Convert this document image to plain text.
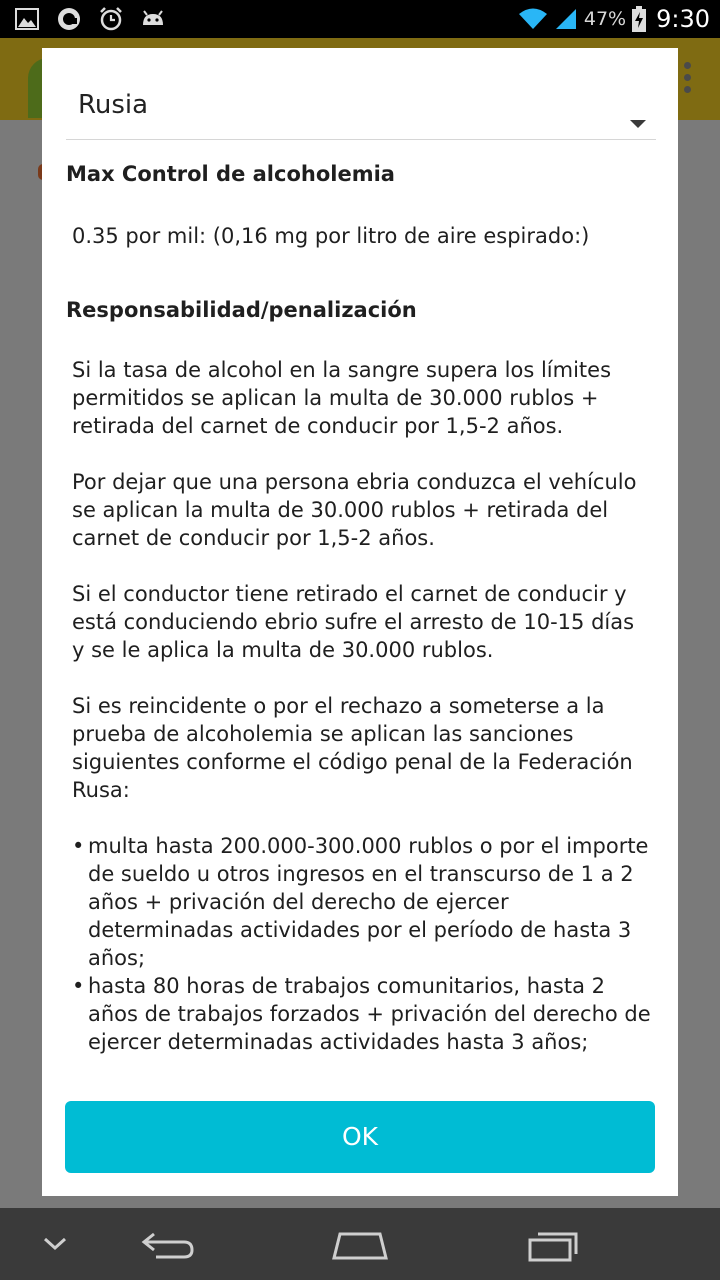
47% 9:30
Rusia
Max Control de alcoholemia
0.35 por mil: (0,16 mg por litro de aire espirado:)
Responsabilidad/penalización
Si la tasa de alcohol en la sangre supera los límites permitidos se aplican la multa de 30.000 rublos + retirada del carnet de conducir por 1,5-2 años.
Por dejar que una persona ebria conduzca el vehículo se aplican la multa de 30.000 rublos + retirada del carnet de conducir por 1,5-2 años.
Si el conductor tiene retirado el carnet de conducir y está conduciendo ebrio sufre el arresto de 10-15 días y se le aplica la multa de 30.000 rublos.
Si es reincidente o por el rechazo a someterse a la prueba de alcoholemia se aplican las sanciones siguientes conforme el código penal de la Federación Rusa:
• multa hasta 200.000-300.000 rublos o por el importe de sueldo u otros ingresos en el transcurso de 1 a 2 años + privación del derecho de ejercer determinadas actividades por el período de hasta 3 años;
• hasta 80 horas de trabajos comunitarios, hasta 2 años de trabajos forzados + privación del derecho de ejercer determinadas actividades hasta 3 años;
OK
